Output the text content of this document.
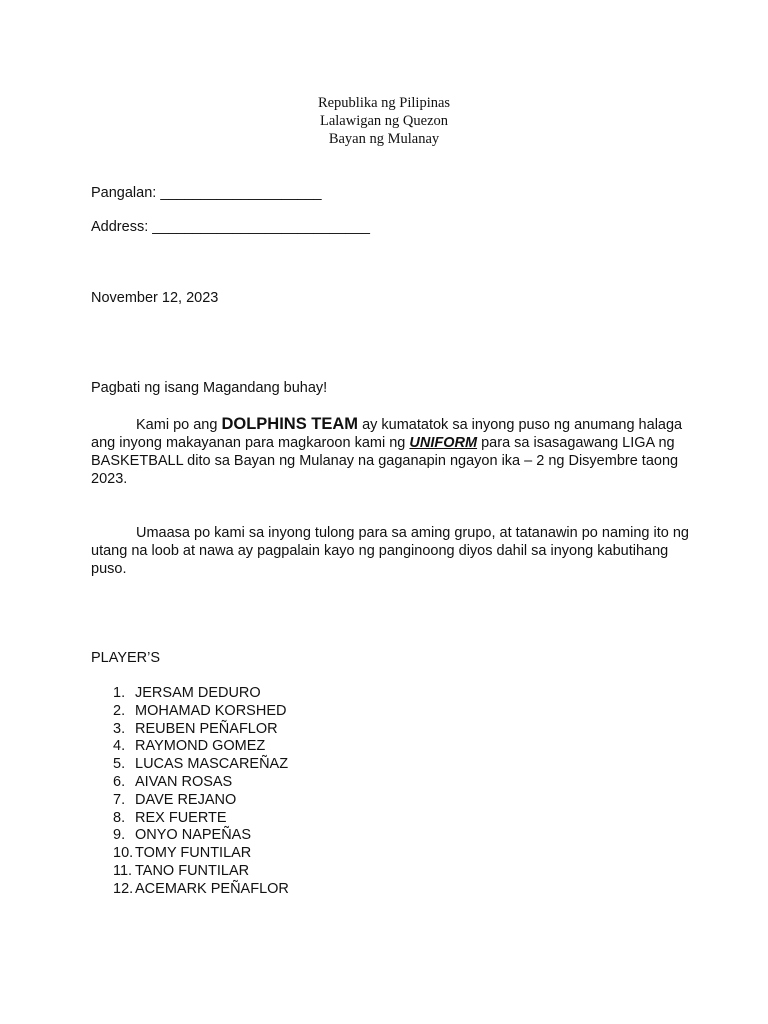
Republika ng Pilipinas
Lalawigan ng Quezon
Bayan ng Mulanay
Pangalan: ____________________
Address: ___________________________
November 12, 2023
Pagbati ng isang Magandang buhay!
Kami po ang DOLPHINS TEAM ay kumatatok sa inyong puso ng anumang halaga ang inyong makayanan para magkaroon kami ng UNIFORM para sa isasagawang LIGA ng BASKETBALL dito sa Bayan ng Mulanay na gaganapin ngayon ika – 2 ng Disyembre taong 2023.
Umaasa po kami sa inyong tulong para sa aming grupo, at tatanawin po naming ito ng utang na loob at nawa ay pagpalain kayo ng panginoong diyos dahil sa inyong kabutihang puso.
PLAYER’S
1. JERSAM DEDURO
2. MOHAMAD KORSHED
3. REUBEN PEÑAFLOR
4. RAYMOND GOMEZ
5. LUCAS MASCAREÑAZ
6. AIVAN ROSAS
7. DAVE REJANO
8. REX FUERTE
9. ONYO NAPEÑAS
10. TOMY FUNTILAR
11. TANO FUNTILAR
12. ACEMARK PEÑAFLOR
